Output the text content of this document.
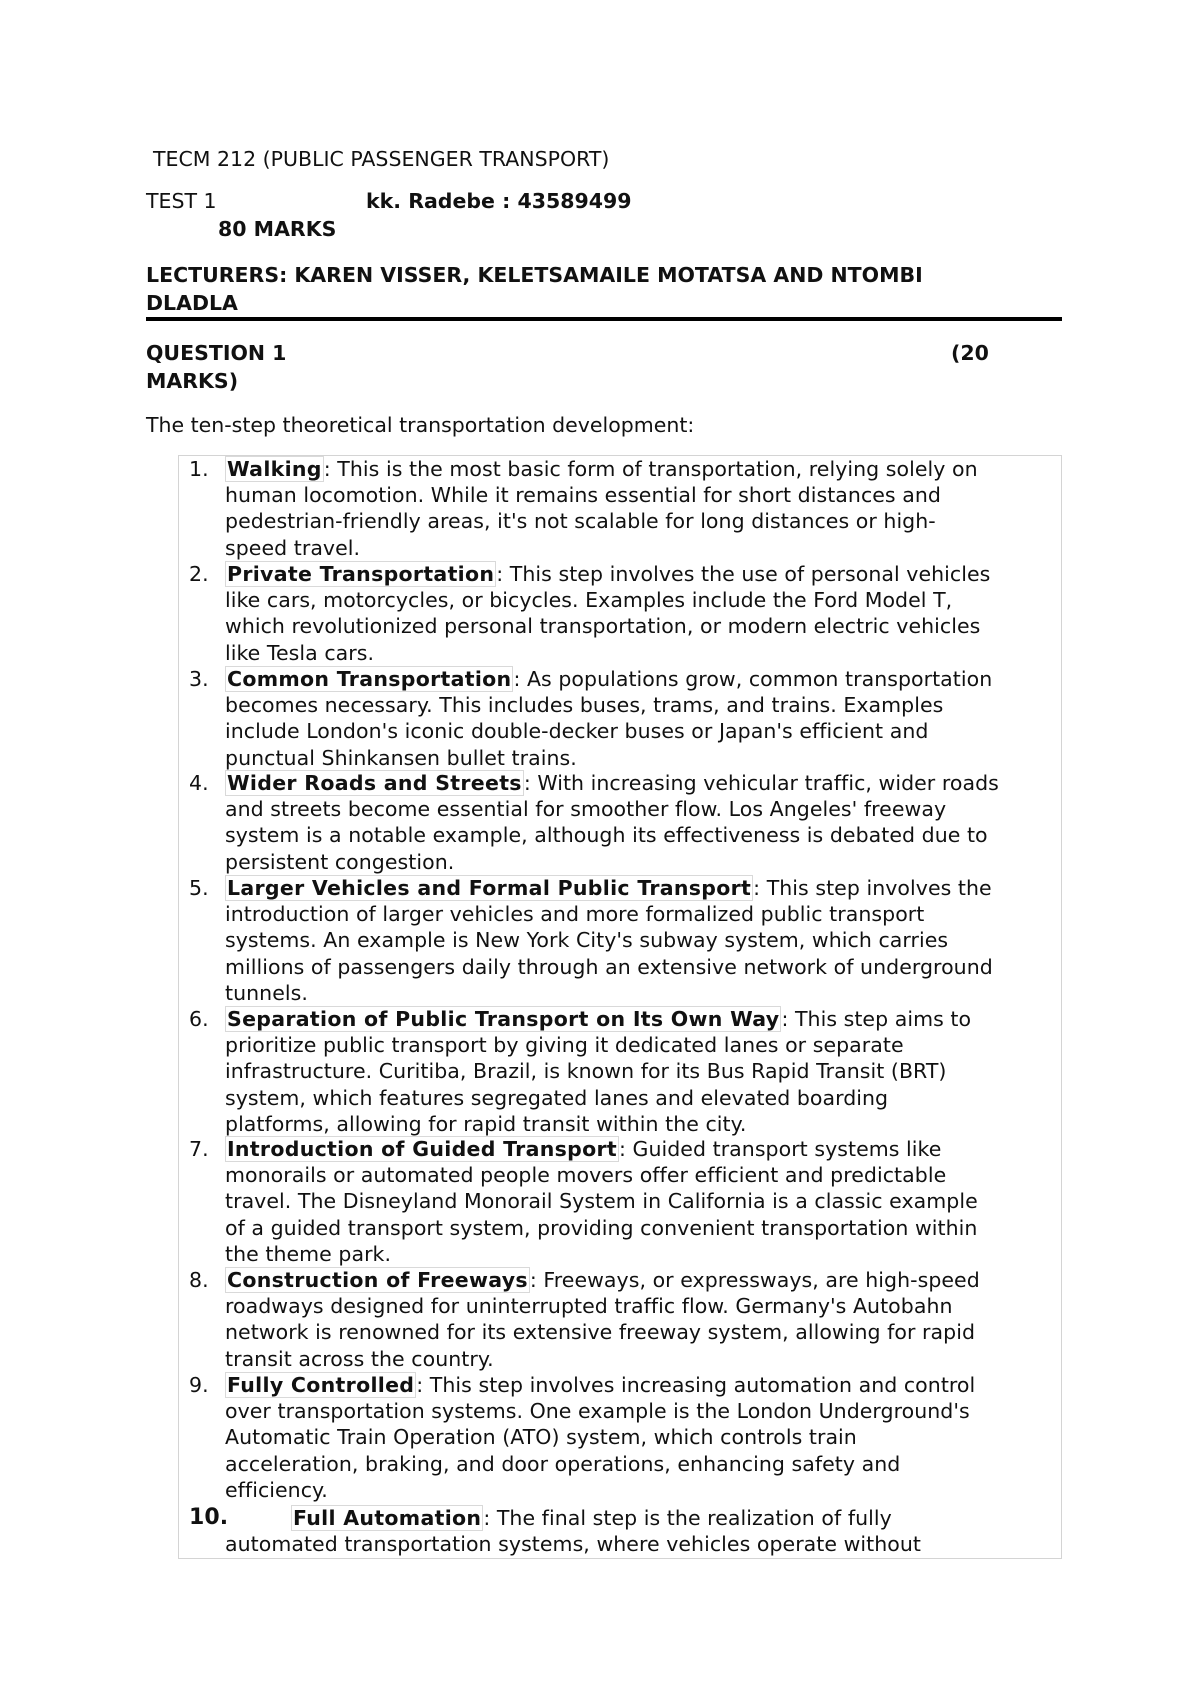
TECM 212 (PUBLIC PASSENGER TRANSPORT)
TEST 1	kk. Radebe : 43589499
80 MARKS
LECTURERS: KAREN VISSER, KELETSAMAILE MOTATSA AND NTOMBI
DLADLA
QUESTION 1	(20
MARKS)
The ten-step theoretical transportation development:
1. Walking: This is the most basic form of transportation, relying solely on
human locomotion. While it remains essential for short distances and
pedestrian-friendly areas, it's not scalable for long distances or high-
speed travel.
2. Private Transportation: This step involves the use of personal vehicles
like cars, motorcycles, or bicycles. Examples include the Ford Model T,
which revolutionized personal transportation, or modern electric vehicles
like Tesla cars.
3. Common Transportation: As populations grow, common transportation
becomes necessary. This includes buses, trams, and trains. Examples
include London's iconic double-decker buses or Japan's efficient and
punctual Shinkansen bullet trains.
4. Wider Roads and Streets: With increasing vehicular traffic, wider roads
and streets become essential for smoother flow. Los Angeles' freeway
system is a notable example, although its effectiveness is debated due to
persistent congestion.
5. Larger Vehicles and Formal Public Transport: This step involves the
introduction of larger vehicles and more formalized public transport
systems. An example is New York City's subway system, which carries
millions of passengers daily through an extensive network of underground
tunnels.
6. Separation of Public Transport on Its Own Way: This step aims to
prioritize public transport by giving it dedicated lanes or separate
infrastructure. Curitiba, Brazil, is known for its Bus Rapid Transit (BRT)
system, which features segregated lanes and elevated boarding
platforms, allowing for rapid transit within the city.
7. Introduction of Guided Transport: Guided transport systems like
monorails or automated people movers offer efficient and predictable
travel. The Disneyland Monorail System in California is a classic example
of a guided transport system, providing convenient transportation within
the theme park.
8. Construction of Freeways: Freeways, or expressways, are high-speed
roadways designed for uninterrupted traffic flow. Germany's Autobahn
network is renowned for its extensive freeway system, allowing for rapid
transit across the country.
9. Fully Controlled: This step involves increasing automation and control
over transportation systems. One example is the London Underground's
Automatic Train Operation (ATO) system, which controls train
acceleration, braking, and door operations, enhancing safety and
efficiency.
10.	Full Automation: The final step is the realization of fully
automated transportation systems, where vehicles operate without
